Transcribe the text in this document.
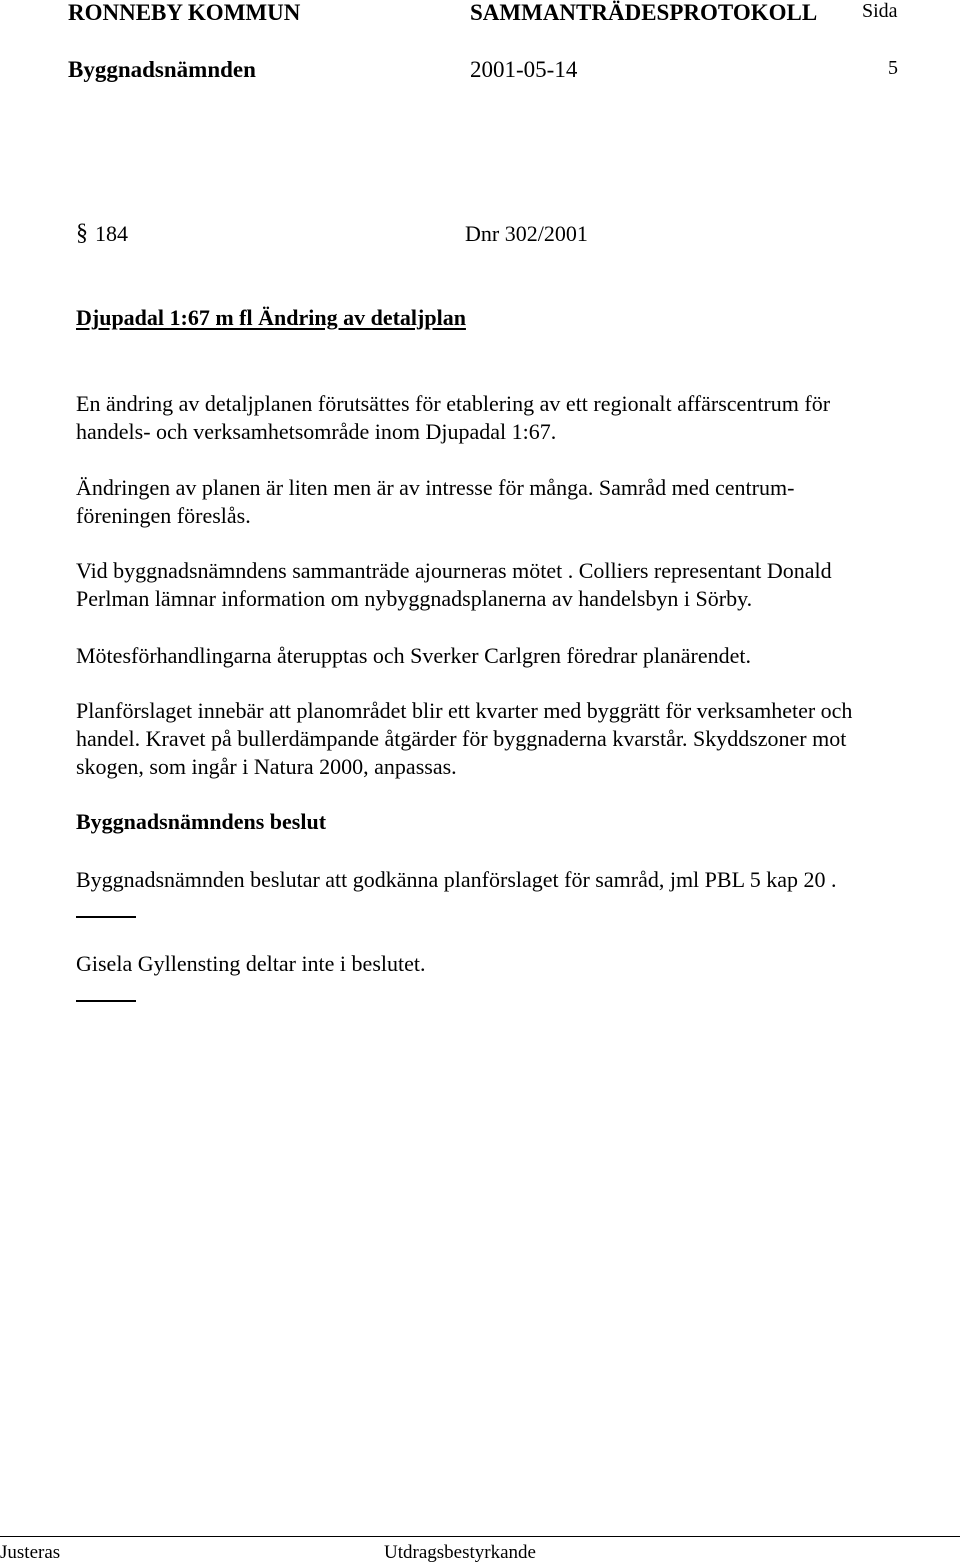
RONNEBY KOMMUN	SAMMANTRÄDESPROTOKOLL Sida
Byggnadsnämnden	2001-05-14	5
§ 184	Dnr 302/2001
Djupadal 1:67 m fl Ändring av detaljplan
En ändring av detaljplanen förutsättes för etablering av ett regionalt affärscentrum för
handels- och verksamhetsområde inom Djupadal 1:67.
Ändringen av planen är liten men är av intresse för många. Samråd med centrum-
föreningen föreslås.
Vid byggnadsnämndens sammanträde ajourneras mötet . Colliers representant Donald
Perlman lämnar information om nybyggnadsplanerna av handelsbyn i Sörby.
Mötesförhandlingarna återupptas och Sverker Carlgren föredrar planärendet.
Planförslaget innebär att planområdet blir ett kvarter med byggrätt för verksamheter och
handel. Kravet på bullerdämpande åtgärder för byggnaderna kvarstår. Skyddszoner mot
skogen, som ingår i Natura 2000, anpassas.
Byggnadsnämndens beslut
Byggnadsnämnden beslutar att godkänna planförslaget för samråd, jml PBL 5 kap 20 .
Gisela Gyllensting deltar inte i beslutet.
Justeras	Utdragsbestyrkande
